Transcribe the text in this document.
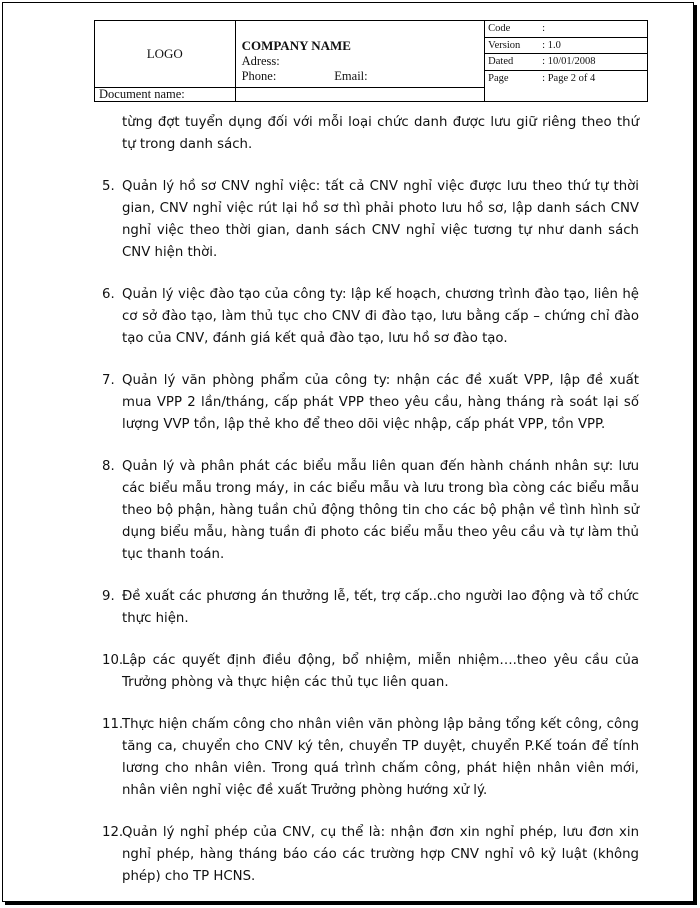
LOGO	
COMPANY NAME
Adress:
Phone:	Email:

Code	:
Version	: 1.0
Dated	: 10/01/2008
Page	: Page 2 of 4

Document name:	

từng đợt tuyển dụng đối với mỗi loại chức danh được lưu giữ riêng theo thứ tự trong danh sách.

5. Quản lý hồ sơ CNV nghỉ việc: tất cả CNV nghỉ việc được lưu theo thứ tự thời gian, CNV nghỉ việc rút lại hồ sơ thì phải photo lưu hồ sơ, lập danh sách CNV nghỉ việc theo thời gian, danh sách CNV nghỉ việc tương tự như danh sách CNV hiện thời.
6. Quản lý việc đào tạo của công ty: lập kế hoạch, chương trình đào tạo, liên hệ cơ sở đào tạo, làm thủ tục cho CNV đi đào tạo, lưu bằng cấp – chứng chỉ đào tạo của CNV, đánh giá kết quả đào tạo, lưu hồ sơ đào tạo.
7. Quản lý văn phòng phẩm của công ty: nhận các đề xuất VPP, lập đề xuất mua VPP 2 lần/tháng, cấp phát VPP theo yêu cầu, hàng tháng rà soát lại số lượng VVP tồn, lập thẻ kho để theo dõi việc nhập, cấp phát VPP, tồn VPP.
8. Quản lý và phân phát các biểu mẫu liên quan đến hành chánh nhân sự: lưu các biểu mẫu trong máy, in các biểu mẫu và lưu trong bìa còng các biểu mẫu theo bộ phận, hàng tuần chủ động thông tin cho các bộ phận về tình hình sử dụng biểu mẫu, hàng tuần đi photo các biểu mẫu theo yêu cầu và tự làm thủ tục thanh toán.
9. Đề xuất các phương án thưởng lễ, tết, trợ cấp..cho người lao động và tổ chức thực hiện.
10.
Lập các quyết định điều động, bổ nhiệm, miễn nhiệm….theo yêu cầu của Trưởng phòng và thực hiện các thủ tục liên quan.
11.
Thực hiện chấm công cho nhân viên văn phòng lập bảng tổng kết công, công tăng ca, chuyển cho CNV ký tên, chuyển TP duyệt, chuyển P.Kế toán để tính lương cho nhân viên. Trong quá trình chấm công, phát hiện nhân viên mới, nhân viên nghỉ việc đề xuất Trưởng phòng hướng xử lý.
12.
Quản lý nghỉ phép của CNV, cụ thể là: nhận đơn xin nghỉ phép, lưu đơn xin nghỉ phép, hàng tháng báo cáo các trường hợp CNV nghỉ vô kỷ luật (không phép) cho TP HCNS.
